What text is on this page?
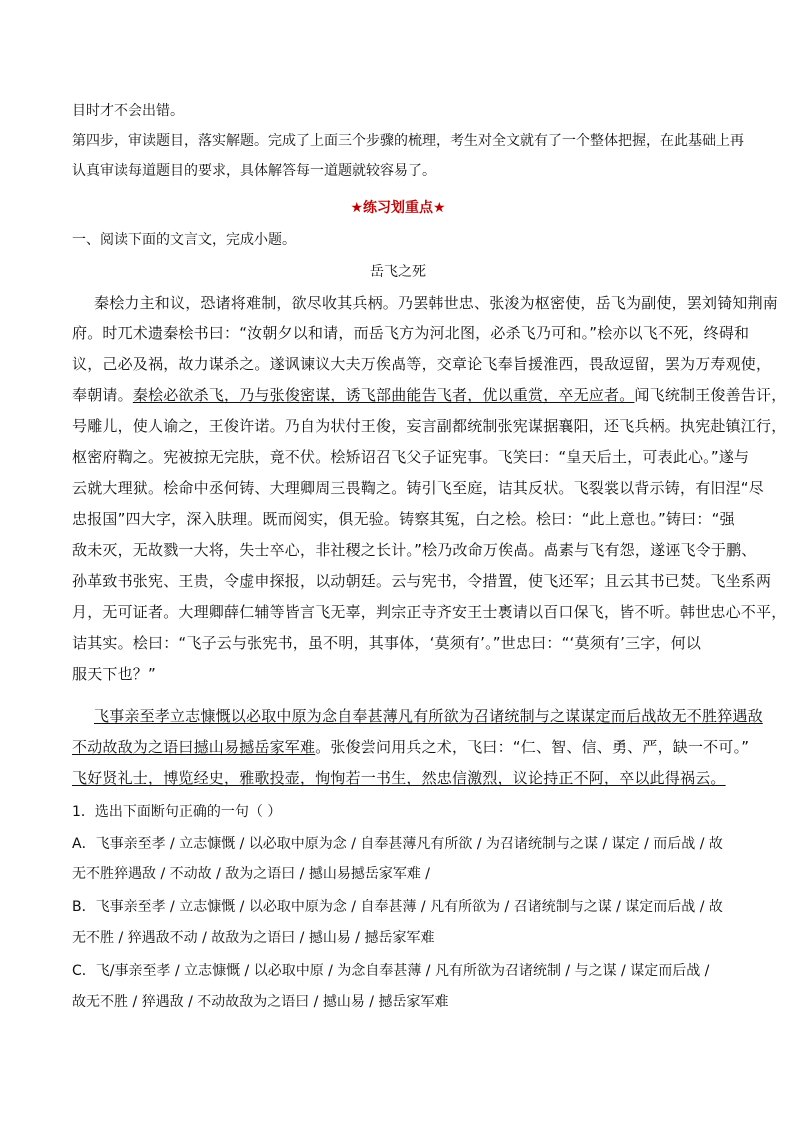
目时才不会出错。
第四步，审读题目，落实解题。完成了上面三个步骤的梳理，考生对全文就有了一个整体把握，在此基础上再
认真审读每道题目的要求，具体解答每一道题就较容易了。
★练习划重点★
一、阅读下面的文言文，完成小题。
岳飞之死
秦桧力主和议，恐诸将难制，欲尽收其兵柄。乃罢韩世忠、张浚为枢密使，岳飞为副使，罢刘锜知荆南
府。时兀术遗秦桧书曰：“汝朝夕以和请，而岳飞方为河北图，必杀飞乃可和。”桧亦以飞不死，终碍和
议，己必及祸，故力谋杀之。遂讽谏议大夫万俟卨等，交章论飞奉旨援淮西，畏敌逗留，罢为万寿观使，
奉朝请。秦桧必欲杀飞，乃与张俊密谋，诱飞部曲能告飞者，优以重赏，卒无应者。闻飞统制王俊善告讦，
号雕儿，使人谕之，王俊许诺。乃自为状付王俊，妄言副都统制张宪谋据襄阳，还飞兵柄。执宪赴镇江行，
枢密府鞫之。宪被掠无完肤，竟不伏。桧矫诏召飞父子证宪事。飞笑曰：“皇天后土，可表此心。”遂与
云就大理狱。桧命中丞何铸、大理卿周三畏鞫之。铸引飞至庭，诘其反状。飞裂裳以背示铸，有旧涅“尽
忠报国”四大字，深入肤理。既而阅实，俱无验。铸察其冤，白之桧。桧曰：“此上意也。”铸曰：“强
敌未灭，无故戮一大将，失士卒心，非社稷之长计。”桧乃改命万俟卨。卨素与飞有怨，遂诬飞令于鹏、
孙革致书张宪、王贵，令虚申探报，以动朝廷。云与宪书，令措置，使飞还军；且云其书已焚。飞坐系两
月，无可证者。大理卿薛仁辅等皆言飞无辜，判宗正寺齐安王士褭请以百口保飞，皆不听。韩世忠心不平，
诘其实。桧曰：“飞子云与张宪书，虽不明，其事体，‘莫须有’。”世忠曰：“‘莫须有’三字，何以
服天下也？”
飞事亲至孝立志慷慨以必取中原为念自奉甚薄凡有所欲为召诸统制与之谋谋定而后战故无不胜猝遇敌
不动故敌为之语曰撼山易撼岳家军难。张俊尝问用兵之术，飞曰：“仁、智、信、勇、严，缺一不可。”
飞好贤礼士，博览经史，雅歌投壶，恂恂若一书生，然忠信激烈，议论持正不阿，卒以此得祸云。
1．选出下面断句正确的一句（ ）
A．飞事亲至孝 / 立志慷慨 / 以必取中原为念 / 自奉甚薄凡有所欲 / 为召诸统制与之谋 / 谋定 / 而后战 / 故
无不胜猝遇敌 / 不动故 / 敌为之语曰 / 撼山易撼岳家军难 /
B．飞事亲至孝 / 立志慷慨 / 以必取中原为念 / 自奉甚薄 / 凡有所欲为 / 召诸统制与之谋 / 谋定而后战 / 故
无不胜 / 猝遇敌不动 / 故敌为之语曰 / 撼山易 / 撼岳家军难
C．飞/事亲至孝 / 立志慷慨 / 以必取中原 / 为念自奉甚薄 / 凡有所欲为召诸统制 / 与之谋 / 谋定而后战 /
故无不胜 / 猝遇敌 / 不动故敌为之语曰 / 撼山易 / 撼岳家军难
